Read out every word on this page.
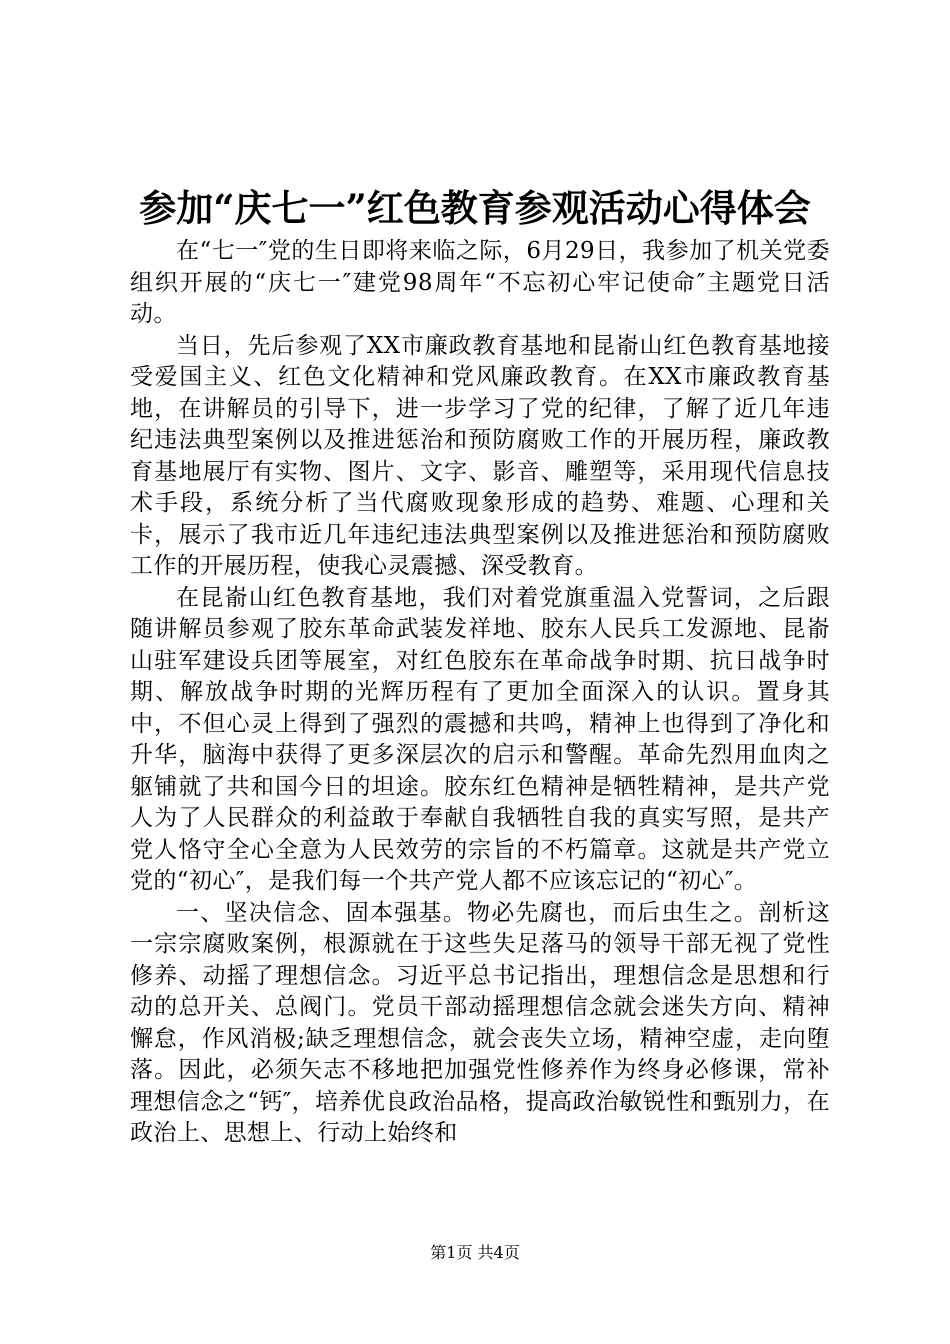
参加“庆七一”红色教育参观活动心得体会

在“七一″党的生日即将来临之际，6月29日，我参加了机关党委组织开展的“庆七一″建党98周年“不忘初心牢记使命″主题党日活动。

当日，先后参观了XX市廉政教育基地和昆嵛山红色教育基地接受爱国主义、红色文化精神和党风廉政教育。在XX市廉政教育基地，在讲解员的引导下，进一步学习了党的纪律，了解了近几年违纪违法典型案例以及推进惩治和预防腐败工作的开展历程，廉政教育基地展厅有实物、图片、文字、影音、雕塑等，采用现代信息技术手段，系统分析了当代腐败现象形成的趋势、难题、心理和关卡，展示了我市近几年违纪违法典型案例以及推进惩治和预防腐败工作的开展历程，使我心灵震撼、深受教育。

在昆嵛山红色教育基地，我们对着党旗重温入党誓词，之后跟随讲解员参观了胶东革命武装发祥地、胶东人民兵工发源地、昆嵛山驻军建设兵团等展室，对红色胶东在革命战争时期、抗日战争时期、解放战争时期的光辉历程有了更加全面深入的认识。置身其中，不但心灵上得到了强烈的震撼和共鸣，精神上也得到了净化和升华，脑海中获得了更多深层次的启示和警醒。革命先烈用血肉之躯铺就了共和国今日的坦途。胶东红色精神是牺牲精神，是共产党人为了人民群众的利益敢于奉献自我牺牲自我的真实写照，是共产党人恪守全心全意为人民效劳的宗旨的不朽篇章。这就是共产党立党的“初心″，是我们每一个共产党人都不应该忘记的“初心″。

一、坚决信念、固本强基。物必先腐也，而后虫生之。剖析这一宗宗腐败案例，根源就在于这些失足落马的领导干部无视了党性修养、动摇了理想信念。习近平总书记指出，理想信念是思想和行动的总开关、总阀门。党员干部动摇理想信念就会迷失方向、精神懈怠，作风消极;缺乏理想信念，就会丧失立场，精神空虚，走向堕落。因此，必须矢志不移地把加强党性修养作为终身必修课，常补理想信念之“钙″，培养优良政治品格，提高政治敏锐性和甄别力，在政治上、思想上、行动上始终和

第1页 共4页
